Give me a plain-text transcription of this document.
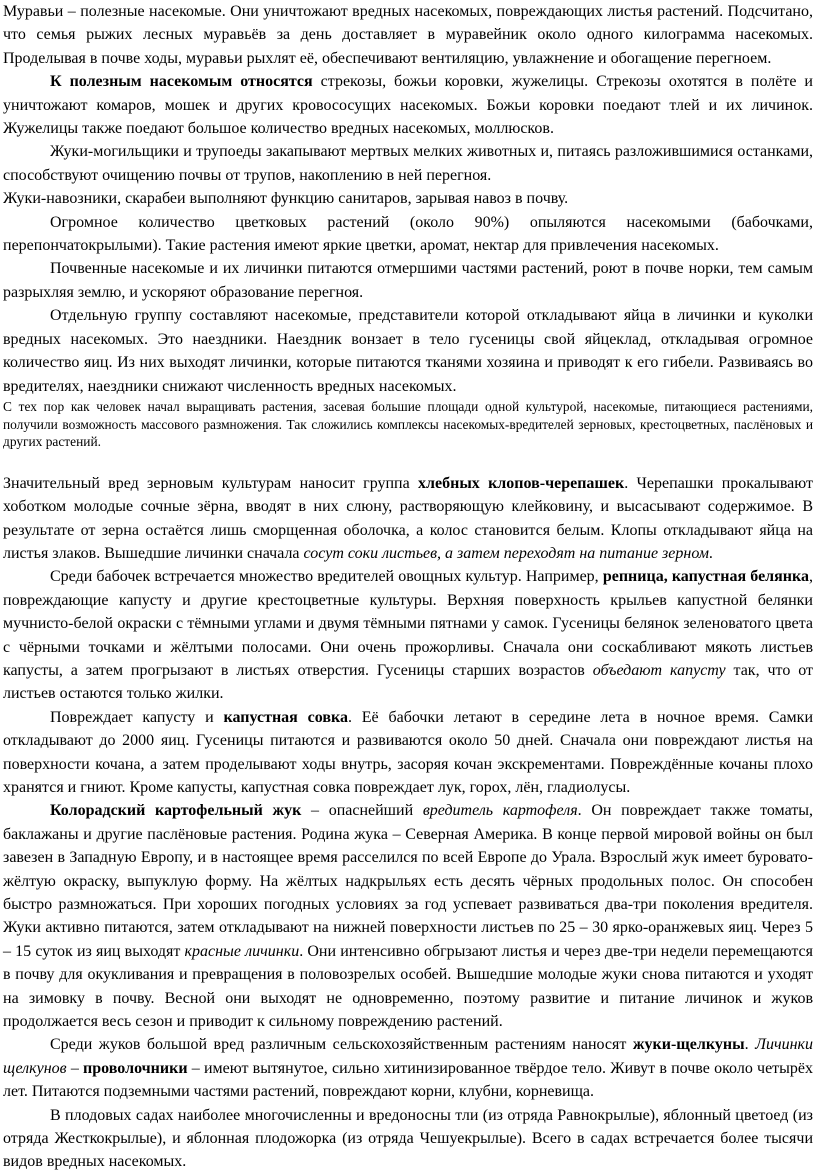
Муравьи – полезные насекомые. Они уничтожают вредных насекомых, повреждающих листья растений. Подсчитано, что семья рыжих лесных муравьёв за день доставляет в муравейник около одного килограмма насекомых. Проделывая в почве ходы, муравьи рыхлят её, обеспечивают вентиляцию, увлажнение и обогащение перегноем.

К полезным насекомым относятся стрекозы, божьи коровки, жужелицы. Стрекозы охотятся в полёте и уничтожают комаров, мошек и других кровососущих насекомых. Божьи коровки поедают тлей и их личинок. Жужелицы также поедают большое количество вредных насекомых, моллюсков.

Жуки-могильщики и трупоеды закапывают мертвых мелких животных и, питаясь разложившимися останками, способствуют очищению почвы от трупов, накоплению в ней перегноя.

Жуки-навозники, скарабеи выполняют функцию санитаров, зарывая навоз в почву.

Огромное количество цветковых растений (около 90%) опыляются насекомыми (бабочками, перепончатокрылыми). Такие растения имеют яркие цветки, аромат, нектар для привлечения насекомых.

Почвенные насекомые и их личинки питаются отмершими частями растений, роют в почве норки, тем самым разрыхляя землю, и ускоряют образование перегноя.

Отдельную группу составляют насекомые, представители которой откладывают яйца в личинки и куколки вредных насекомых. Это наездники. Наездник вонзает в тело гусеницы свой яйцеклад, откладывая огромное количество яиц. Из них выходят личинки, которые питаются тканями хозяина и приводят к его гибели. Развиваясь во вредителях, наездники снижают численность вредных насекомых.

С тех пор как человек начал выращивать растения, засевая большие площади одной культурой, насекомые, питающиеся растениями, получили возможность массового размножения. Так сложились комплексы насекомых-вредителей зерновых, крестоцветных, паслёновых и других растений.

Значительный вред зерновым культурам наносит группа хлебных клопов-черепашек. Черепашки прокалывают хоботком молодые сочные зёрна, вводят в них слюну, растворяющую клейковину, и высасывают содержимое. В результате от зерна остаётся лишь сморщенная оболочка, а колос становится белым. Клопы откладывают яйца на листья злаков. Вышедшие личинки сначала сосут соки листьев, а затем переходят на питание зерном.

Среди бабочек встречается множество вредителей овощных культур. Например, репница, капустная белянка, повреждающие капусту и другие крестоцветные культуры. Верхняя поверхность крыльев капустной белянки мучнисто-белой окраски с тёмными углами и двумя тёмными пятнами у самок. Гусеницы белянок зеленоватого цвета с чёрными точками и жёлтыми полосами. Они очень прожорливы. Сначала они соскабливают мякоть листьев капусты, а затем прогрызают в листьях отверстия. Гусеницы старших возрастов объедают капусту так, что от листьев остаются только жилки.

Повреждает капусту и капустная совка. Её бабочки летают в середине лета в ночное время. Самки откладывают до 2000 яиц. Гусеницы питаются и развиваются около 50 дней. Сначала они повреждают листья на поверхности кочана, а затем проделывают ходы внутрь, засоряя кочан экскрементами. Повреждённые кочаны плохо хранятся и гниют. Кроме капусты, капустная совка повреждает лук, горох, лён, гладиолусы.

Колорадский картофельный жук – опаснейший вредитель картофеля. Он повреждает также томаты, баклажаны и другие паслёновые растения. Родина жука – Северная Америка. В конце первой мировой войны он был завезен в Западную Европу, и в настоящее время расселился по всей Европе до Урала. Взрослый жук имеет буровато-жёлтую окраску, выпуклую форму. На жёлтых надкрыльях есть десять чёрных продольных полос. Он способен быстро размножаться. При хороших погодных условиях за год успевает развиваться два-три поколения вредителя. Жуки активно питаются, затем откладывают на нижней поверхности листьев по 25 – 30 ярко-оранжевых яиц. Через 5 – 15 суток из яиц выходят красные личинки. Они интенсивно обгрызают листья и через две-три недели перемещаются в почву для окукливания и превращения в половозрелых особей. Вышедшие молодые жуки снова питаются и уходят на зимовку в почву. Весной они выходят не одновременно, поэтому развитие и питание личинок и жуков продолжается весь сезон и приводит к сильному повреждению растений.

Среди жуков большой вред различным сельскохозяйственным растениям наносят жуки-щелкуны. Личинки щелкунов – проволочники – имеют вытянутое, сильно хитинизированное твёрдое тело. Живут в почве около четырёх лет. Питаются подземными частями растений, повреждают корни, клубни, корневища.

В плодовых садах наиболее многочисленны и вредоносны тли (из отряда Равнокрылые), яблонный цветоед (из отряда Жесткокрылые), и яблонная плодожорка (из отряда Чешуекрылые). Всего в садах встречается более тысячи видов вредных насекомых.
